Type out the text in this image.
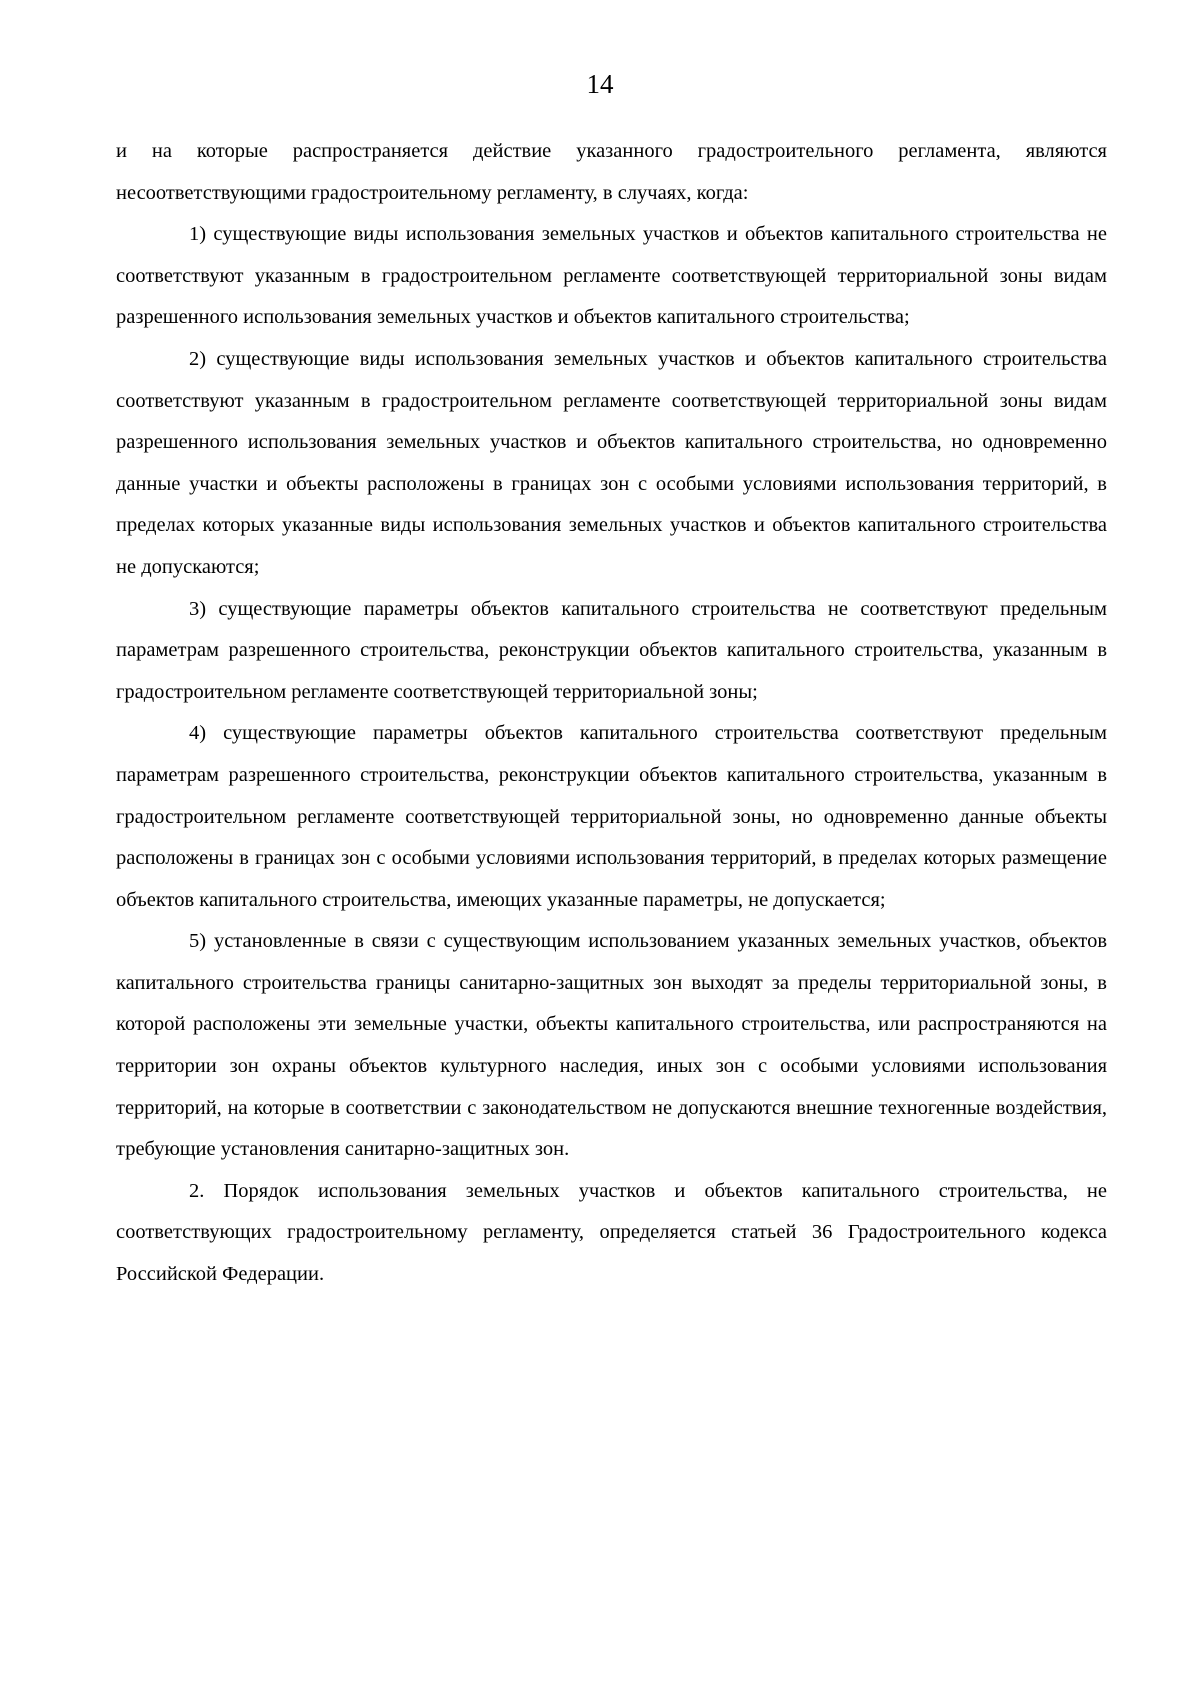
14

и на которые распространяется действие указанного градостроительного регламента, являются несоответствующими градостроительному регламенту, в случаях, когда:

1) существующие виды использования земельных участков и объектов капитального строительства не соответствуют указанным в градостроительном регламенте соответствующей территориальной зоны видам разрешенного использования земельных участков и объектов капитального строительства;

2) существующие виды использования земельных участков и объектов капитального строительства соответствуют указанным в градостроительном регламенте соответствующей территориальной зоны видам разрешенного использования земельных участков и объектов капитального строительства, но одновременно данные участки и объекты расположены в границах зон с особыми условиями использования территорий, в пределах которых указанные виды использования земельных участков и объектов капитального строительства не допускаются;

3) существующие параметры объектов капитального строительства не соответствуют предельным параметрам разрешенного строительства, реконструкции объектов капитального строительства, указанным в градостроительном регламенте соответствующей территориальной зоны;

4) существующие параметры объектов капитального строительства соответствуют предельным параметрам разрешенного строительства, реконструкции объектов капитального строительства, указанным в градостроительном регламенте соответствующей территориальной зоны, но одновременно данные объекты расположены в границах зон с особыми условиями использования территорий, в пределах которых размещение объектов капитального строительства, имеющих указанные параметры, не допускается;

5) установленные в связи с существующим использованием указанных земельных участков, объектов капитального строительства границы санитарно-защитных зон выходят за пределы территориальной зоны, в которой расположены эти земельные участки, объекты капитального строительства, или распространяются на территории зон охраны объектов культурного наследия, иных зон с особыми условиями использования территорий, на которые в соответствии с законодательством не допускаются внешние техногенные воздействия, требующие установления санитарно-защитных зон.

2. Порядок использования земельных участков и объектов капитального строительства, не соответствующих градостроительному регламенту, определяется статьей 36 Градостроительного кодекса Российской Федерации.
